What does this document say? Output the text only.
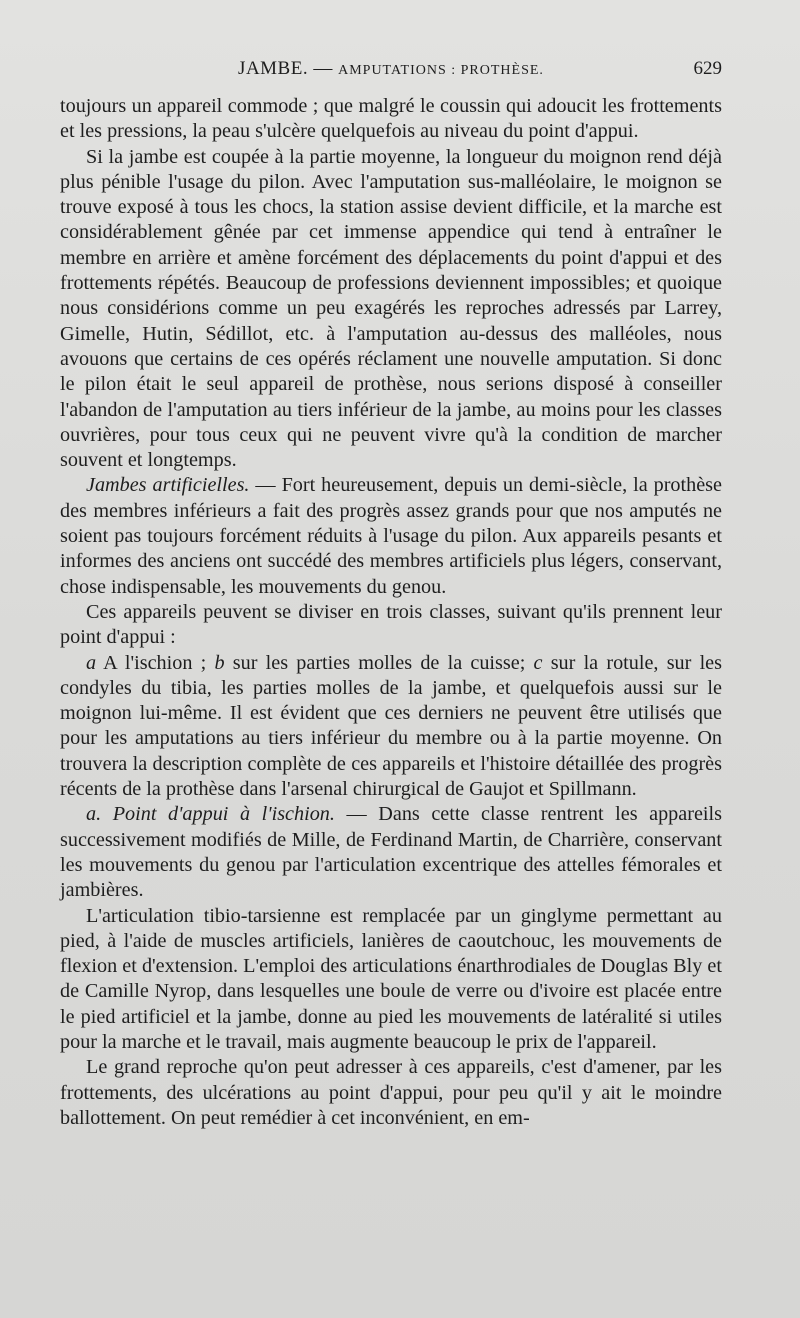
JAMBE. — AMPUTATIONS : PROTHÈSE.	629

toujours un appareil commode ; que malgré le coussin qui adoucit les frottements et les pressions, la peau s'ulcère quelquefois au niveau du point d'appui.

Si la jambe est coupée à la partie moyenne, la longueur du moignon rend déjà plus pénible l'usage du pilon. Avec l'amputation sus-malléolaire, le moignon se trouve exposé à tous les chocs, la station assise devient difficile, et la marche est considérablement gênée par cet immense appendice qui tend à entraîner le membre en arrière et amène forcément des déplacements du point d'appui et des frottements répétés. Beaucoup de professions deviennent impossibles; et quoique nous considérions comme un peu exagérés les reproches adressés par Larrey, Gimelle, Hutin, Sédillot, etc. à l'amputation au-dessus des malléoles, nous avouons que certains de ces opérés réclament une nouvelle amputation. Si donc le pilon était le seul appareil de prothèse, nous serions disposé à conseiller l'abandon de l'amputation au tiers inférieur de la jambe, au moins pour les classes ouvrières, pour tous ceux qui ne peuvent vivre qu'à la condition de marcher souvent et longtemps.

Jambes artificielles. — Fort heureusement, depuis un demi-siècle, la prothèse des membres inférieurs a fait des progrès assez grands pour que nos amputés ne soient pas toujours forcément réduits à l'usage du pilon. Aux appareils pesants et informes des anciens ont succédé des membres artificiels plus légers, conservant, chose indispensable, les mouvements du genou.

Ces appareils peuvent se diviser en trois classes, suivant qu'ils prennent leur point d'appui :

a A l'ischion ; b sur les parties molles de la cuisse; c sur la rotule, sur les condyles du tibia, les parties molles de la jambe, et quelquefois aussi sur le moignon lui-même. Il est évident que ces derniers ne peuvent être utilisés que pour les amputations au tiers inférieur du membre ou à la partie moyenne. On trouvera la description complète de ces appareils et l'histoire détaillée des progrès récents de la prothèse dans l'arsenal chirurgical de Gaujot et Spillmann.

a. Point d'appui à l'ischion. — Dans cette classe rentrent les appareils successivement modifiés de Mille, de Ferdinand Martin, de Charrière, conservant les mouvements du genou par l'articulation excentrique des attelles fémorales et jambières.

L'articulation tibio-tarsienne est remplacée par un ginglyme permettant au pied, à l'aide de muscles artificiels, lanières de caoutchouc, les mouvements de flexion et d'extension. L'emploi des articulations énarthrodiales de Douglas Bly et de Camille Nyrop, dans lesquelles une boule de verre ou d'ivoire est placée entre le pied artificiel et la jambe, donne au pied les mouvements de latéralité si utiles pour la marche et le travail, mais augmente beaucoup le prix de l'appareil.

Le grand reproche qu'on peut adresser à ces appareils, c'est d'amener, par les frottements, des ulcérations au point d'appui, pour peu qu'il y ait le moindre ballottement. On peut remédier à cet inconvénient, en em-
